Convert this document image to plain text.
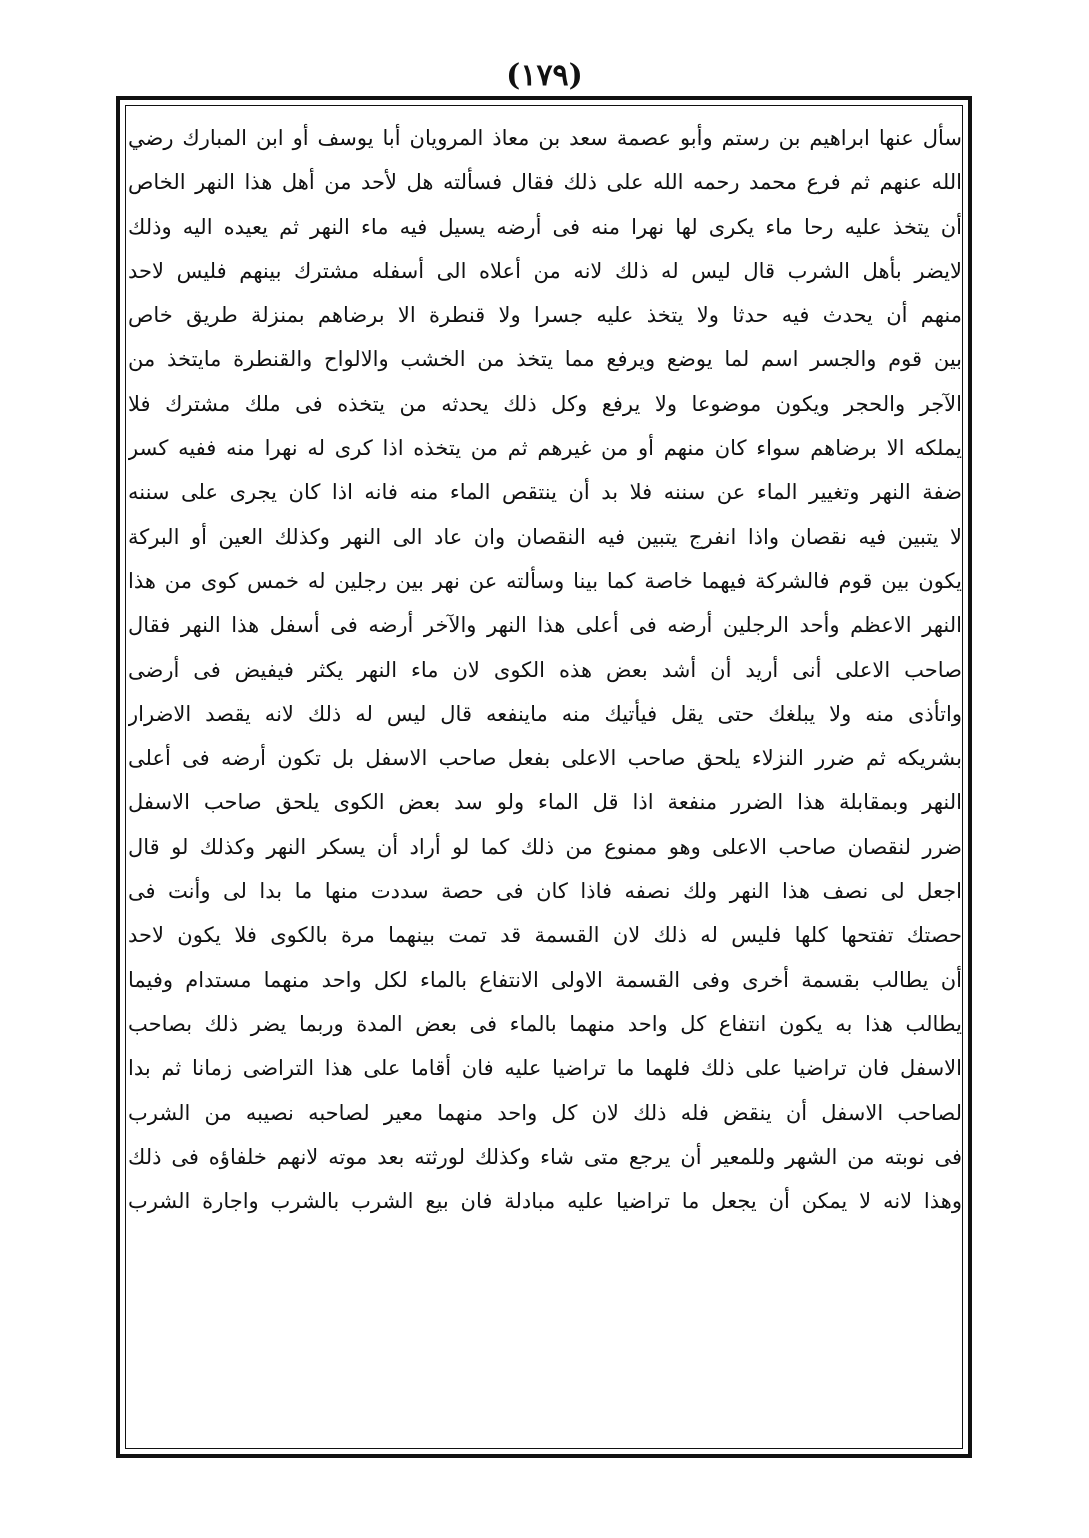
(١٧٩)
سأل عنها ابراهيم بن رستم وأبو عصمة سعد بن معاذ المرويان أبا يوسف أو ابن المبارك رضي
الله عنهم ثم فرع محمد رحمه الله على ذلك فقال فسألته هل لأحد من أهل هذا النهر الخاص
أن يتخذ عليه رحا ماء يكرى لها نهرا منه فى أرضه يسيل فيه ماء النهر ثم يعيده اليه وذلك
لايضر بأهل الشرب قال ليس له ذلك لانه من أعلاه الى أسفله مشترك بينهم فليس لاحد
منهم أن يحدث فيه حدثا ولا يتخذ عليه جسرا ولا قنطرة الا برضاهم بمنزلة طريق خاص
بين قوم والجسر اسم لما يوضع ويرفع مما يتخذ من الخشب والالواح والقنطرة مايتخذ من
الآجر والحجر ويكون موضوعا ولا يرفع وكل ذلك يحدثه من يتخذه فى ملك مشترك فلا
يملكه الا برضاهم سواء كان منهم أو من غيرهم ثم من يتخذه اذا كرى له نهرا منه ففيه كسر
ضفة النهر وتغيير الماء عن سننه فلا بد أن ينتقص الماء منه فانه اذا كان يجرى على سننه
لا يتبين فيه نقصان واذا انفرج يتبين فيه النقصان وان عاد الى النهر وكذلك العين أو البركة
يكون بين قوم فالشركة فيهما خاصة كما بينا وسألته عن نهر بين رجلين له خمس كوى من هذا
النهر الاعظم وأحد الرجلين أرضه فى أعلى هذا النهر والآخر أرضه فى أسفل هذا النهر فقال
صاحب الاعلى أنى أريد أن أشد بعض هذه الكوى لان ماء النهر يكثر فيفيض فى أرضى
واتأذى منه ولا يبلغك حتى يقل فيأتيك منه ماينفعه قال ليس له ذلك لانه يقصد الاضرار
بشريكه ثم ضرر النزلاء يلحق صاحب الاعلى بفعل صاحب الاسفل بل تكون أرضه فى أعلى
النهر وبمقابلة هذا الضرر منفعة اذا قل الماء ولو سد بعض الكوى يلحق صاحب الاسفل
ضرر لنقصان صاحب الاعلى وهو ممنوع من ذلك كما لو أراد أن يسكر النهر وكذلك لو قال
اجعل لى نصف هذا النهر ولك نصفه فاذا كان فى حصة سددت منها ما بدا لى وأنت فى
حصتك تفتحها كلها فليس له ذلك لان القسمة قد تمت بينهما مرة بالكوى فلا يكون لاحد
أن يطالب بقسمة أخرى وفى القسمة الاولى الانتفاع بالماء لكل واحد منهما مستدام وفيما
يطالب هذا به يكون انتفاع كل واحد منهما بالماء فى بعض المدة وربما يضر ذلك بصاحب
الاسفل فان تراضيا على ذلك فلهما ما تراضيا عليه فان أقاما على هذا التراضى زمانا ثم بدا
لصاحب الاسفل أن ينقض فله ذلك لان كل واحد منهما معير لصاحبه نصيبه من الشرب
فى نوبته من الشهر وللمعير أن يرجع متى شاء وكذلك لورثته بعد موته لانهم خلفاؤه فى ذلك
وهذا لانه لا يمكن أن يجعل ما تراضيا عليه مبادلة فان بيع الشرب بالشرب واجارة الشرب
